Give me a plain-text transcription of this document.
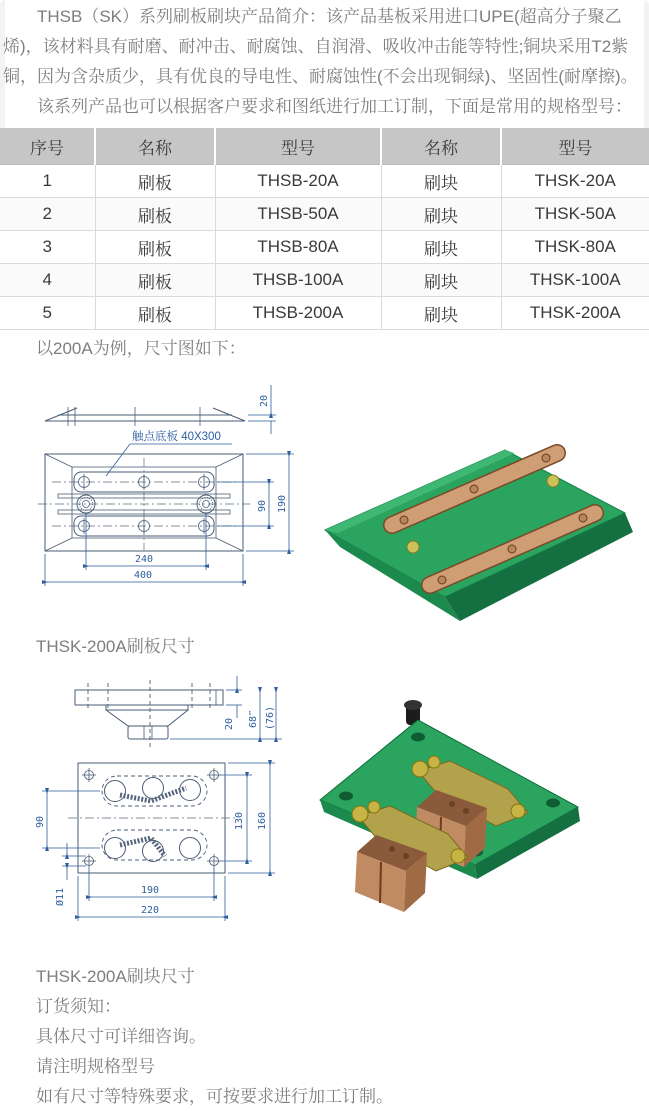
THSB（SK）系列刷板刷块产品简介：该产品基板采用进口UPE(超高分子聚乙烯)，该材料具有耐磨、耐冲击、耐腐蚀、自润滑、吸收冲击能等特性;铜块采用T2紫铜，因为含杂质少，具有优良的导电性、耐腐蚀性(不会出现铜绿)、坚固性(耐摩擦)。

该系列产品也可以根据客户要求和图纸进行加工订制，下面是常用的规格型号：

序号	名称	型号	名称	型号
1	刷板	THSB-20A	刷块	THSK-20A
2	刷板	THSB-50A	刷块	THSK-50A
3	刷板	THSB-80A	刷块	THSK-80A
4	刷板	THSB-100A	刷块	THSK-100A
5	刷板	THSB-200A	刷块	THSK-200A
以200A为例，尺寸图如下：
20
触点底板 40X300
240
400
90 190
THSK-200A刷板尺寸
20 68‴ (76)
90
Ø11
130 160
190
220
THSK-200A刷块尺寸
订货须知：
具体尺寸可详细咨询。
请注明规格型号
如有尺寸等特殊要求，可按要求进行加工订制。
